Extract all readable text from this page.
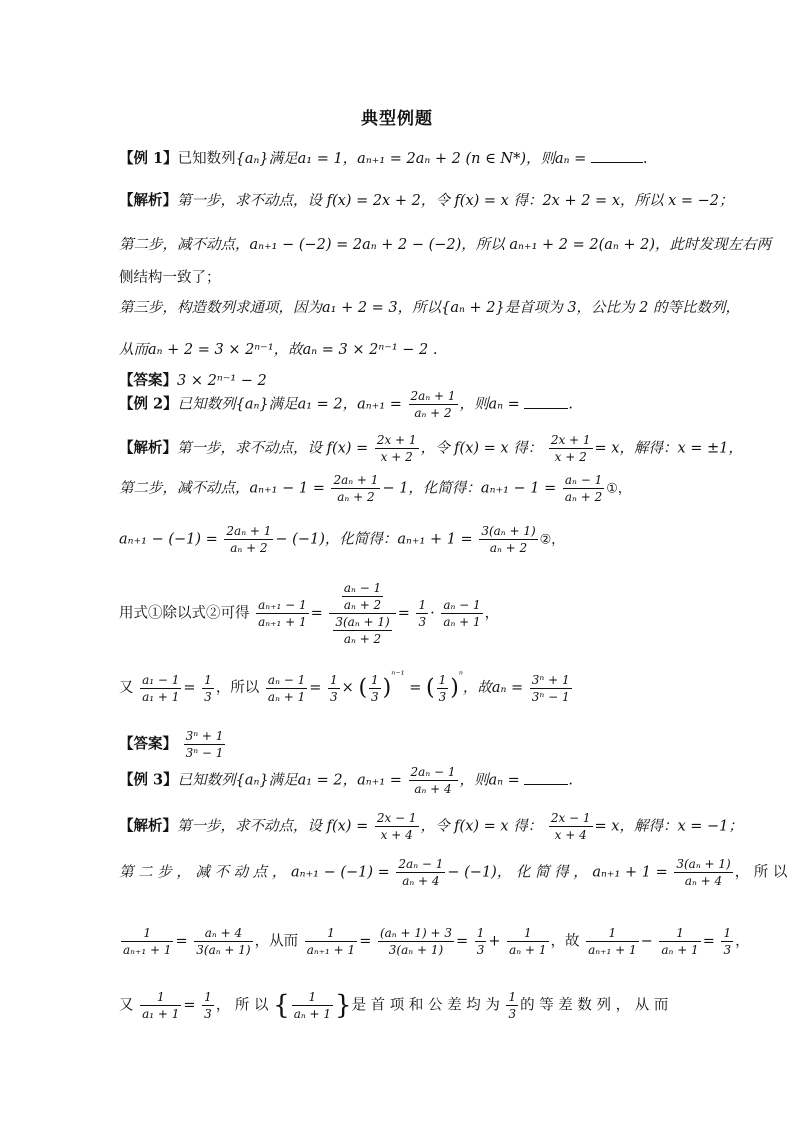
典型例题
【例 1】已知数列{aₙ}满足a₁ = 1，aₙ₊₁ = 2aₙ + 2 (n ∈ N*)，则aₙ =	.
【解析】第一步，求不动点，设 f(x) = 2x + 2，令 f(x) = x 得：2x + 2 = x，所以 x = −2；
第二步，减不动点，aₙ₊₁ − (−2) = 2aₙ + 2 − (−2)，所以 aₙ₊₁ + 2 = 2(aₙ + 2)，此时发现左右两
侧结构一致了；
第三步，构造数列求通项，因为a₁ + 2 = 3，所以{aₙ + 2}是首项为 3，公比为 2 的等比数列，
从而aₙ + 2 = 3 × 2ⁿ⁻¹，故aₙ = 3 × 2ⁿ⁻¹ − 2 .
【答案】3 × 2ⁿ⁻¹ − 2
【例 2】已知数列{aₙ}满足a₁ = 2，$a_{n+1} = \frac{\text{2aₙ + 1}}{\text{aₙ + 2}}$ ，则aₙ =	.
【解析】第一步，求不动点，设 $f(x) = \frac{2x + 1}{x + 2}$ ，令 f(x) = x 得： $\frac{2x + 1}{x + 2} = x$，解得：x = ±1，
第二步，减不动点，$a_{n+1} - 1 = \frac{\text{2aₙ + 1}}{\text{aₙ + 2}} - 1$，化简得：$a_{n+1} - 1 = \frac{\text{aₙ − 1}}{\text{aₙ + 2}}$ ①，
$a_{n+1} - (-1) = \frac{\text{2aₙ + 1}}{\text{aₙ + 2}} - (-1)$，化简得：$a_{n+1} + 1 = \frac{\text{3(aₙ + 1)}}{\text{aₙ + 2}}$ ②，
用式①除以式②可得 $\frac{\text{aₙ₊₁ − 1}}{\text{aₙ₊₁ + 1}} = \frac{\frac{\text{aₙ − 1}}{\text{aₙ + 2}}}{\frac{\text{3(aₙ + 1)}}{\text{aₙ + 2}}} = \frac{1}{3} \cdot \frac{\text{aₙ − 1}}{\text{aₙ + 1}}$ ，
又 $\frac{\text{a₁ − 1}}{\text{a₁ + 1}} = \frac{1}{3}$ ，所以 $\frac{\text{aₙ − 1}}{\text{aₙ + 1}} = \frac{1}{3}$ × ( $\frac{1}{3} )^{^{n-1}}$ = ( $\frac{1}{3} )^{^n}$，故$a_n = \frac{\text{3ⁿ + 1}}{\text{3ⁿ − 1}}$
【答案】 $\frac{\text{3ⁿ + 1}}{\text{3ⁿ − 1}}$
【例 3】已知数列{aₙ}满足a₁ = 2，$a_{n+1} = \frac{\text{2aₙ − 1}}{\text{aₙ + 4}}$ ，则aₙ =	.
【解析】第一步，求不动点，设 $f(x) = \frac{2x - 1}{x + 4}$ ，令 f(x) = x 得： $\frac{2x - 1}{x + 4} = x$，解得：x = −1；
第 二 步 ， 减 不 动 点 ， $a_{n+1} - (-1) = \frac{\text{2aₙ − 1}}{\text{aₙ + 4}} - (-1)$， 化 简 得 ， $a_{n+1} + 1 = \frac{\text{3(aₙ + 1)}}{\text{aₙ + 4}}$ ， 所 以
$\frac{1}{\text{aₙ₊₁ + 1}} = \frac{\text{aₙ + 4}}{\text{3(aₙ + 1)}}$ ，从而 $\frac{1}{\text{aₙ₊₁ + 1}} = \frac{\text{(aₙ + 1) + 3}}{\text{3(aₙ + 1)}} = \frac{1}{3} + \frac{1}{\text{aₙ + 1}}$ ，故 $\frac{1}{\text{aₙ₊₁ + 1}} - \frac{1}{\text{aₙ + 1}} = \frac{1}{3}$ ，
又 $\frac{1}{\text{a₁ + 1}} = \frac{1}{3}$ ， 所 以 { $\frac{1}{\text{aₙ + 1}}$ }是 首 项 和 公 差 均 为 $\frac{1}{3}$ 的 等 差 数 列 ， 从 而
